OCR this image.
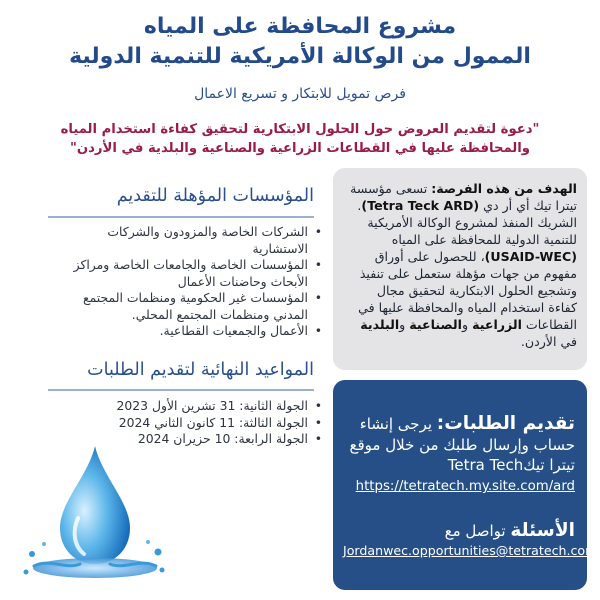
مشروع المحافظة على المياه
الممول من الوكالة الأمريكية للتنمية الدولية
فرص تمويل للابتكار و تسريع الاعمال
"دعوة لتقديم العروض حول الحلول الابتكارية لتحقيق كفاءة استخدام المياه
والمحافظة عليها في القطاعات الزراعية والصناعية والبلدية في الأردن"
الهدف من هذه الفرصة: تسعى مؤسسة تيترا تيك أي أر دي (Tetra Teck ARD). الشريك المنفذ لمشروع الوكالة الأمريكية للتنمية الدولية للمحافظة على المياه (USAID-WEC)، للحصول على أوراق مفهوم من جهات مؤهلة ستعمل على تنفيذ وتشجيع الحلول الابتكارية لتحقيق مجال كفاءة استخدام المياه والمحافظة عليها في القطاعات الزراعية والصناعية والبلدية في الأردن.
المؤسسات المؤهلة للتقديم
• الشركات الخاصة والمزودون والشركات الاستشارية
• المؤسسات الخاصة والجامعات الخاصة ومراكز الأبحاث وحاضنات الأعمال
• المؤسسات غير الحكومية ومنظمات المجتمع المدني ومنظمات المجتمع المحلي.
• الأعمال والجمعيات القطاعية.
المواعيد النهائية لتقديم الطلبات
• الجولة الثانية: 31 تشرين الأول 2023
• الجولة الثالثة: 11 كانون الثاني 2024
• الجولة الرابعة: 10 حزيران 2024
تقديم الطلبات: يرجى إنشاء حساب وإرسال طلبك من خلال موقع تيترا تيكTetra Tech
https://tetratech.my.site.com/ard
الأسئلة تواصل مع
Jordanwec.opportunities@tetratech.com
